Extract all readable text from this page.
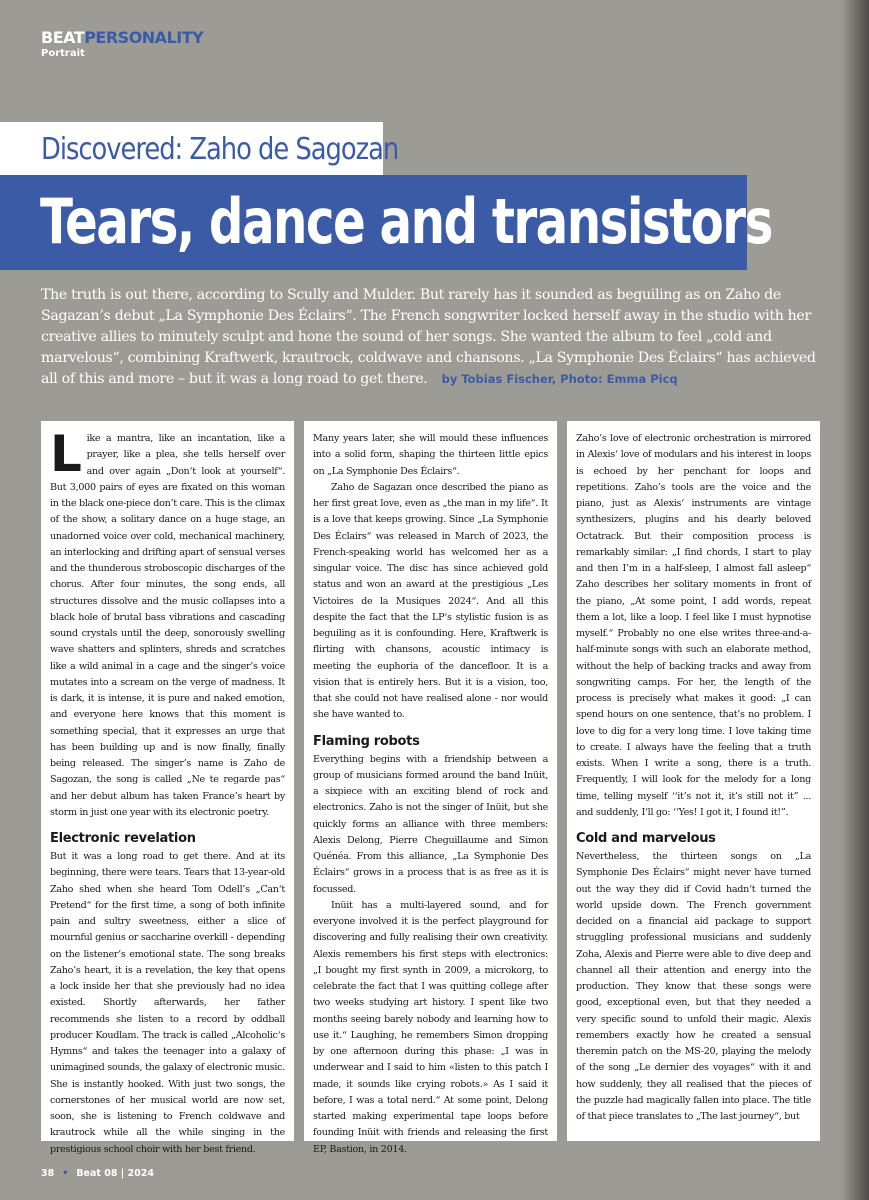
BEATPERSONALITY
Portrait
Discovered: Zaho de Sagozan
Tears, dance and transistors
The truth is out there, according to Scully and Mulder. But rarely has it sounded as beguiling as on Zaho de Sagazan’s debut „La Symphonie Des Éclairs“. The French songwriter locked herself away in the studio with her creative allies to minutely sculpt and hone the sound of her songs. She wanted the album to feel „cold and marvelous“, combining Kraftwerk, krautrock, coldwave and chansons. „La Symphonie Des Éclairs“ has achieved all of this and more – but it was a long road to get there. by Tobias Fischer, Photo: Emma Picq
L ike a mantra, like an incantation, like a prayer, like a plea, she tells herself over and over again „Don‘t look at yourself“. But 3,000 pairs of eyes are fixated on this woman in the black one-piece don’t care. This is the climax of the show, a solitary dance on a huge stage, an unadorned voice over cold, mechanical machinery, an interlocking and drifting apart of sensual verses and the thunderous stroboscopic discharges of the chorus. After four minutes, the song ends, all structures dissolve and the music collapses into a black hole of brutal bass vibrations and cascading sound crystals until the deep, sonorously swelling wave shatters and splinters, shreds and scratches like a wild animal in a cage and the singer’s voice mutates into a scream on the verge of madness. It is dark, it is intense, it is pure and naked emotion, and everyone here knows that this moment is something special, that it expresses an urge that has been building up and is now finally, finally being released. The singer’s name is Zaho de Sagozan, the song is called „Ne te regarde pas“ and her debut album has taken France’s heart by storm in just one year with its electronic poetry.

Electronic revelation

But it was a long road to get there. And at its beginning, there were tears. Tears that 13-year-old Zaho shed when she heard Tom Odell’s „Can‘t Pretend“ for the first time, a song of both infinite pain and sultry sweetness, either a slice of mournful genius or saccharine overkill - depending on the listener’s emotional state. The song breaks Zaho’s heart, it is a revelation, the key that opens a lock inside her that she previously had no idea existed. Shortly afterwards, her father recommends she listen to a record by oddball producer Koudlam. The track is called „Alcoholic‘s Hymns“ and takes the teenager into a galaxy of unimagined sounds, the galaxy of electronic music. She is instantly hooked. With just two songs, the cornerstones of her musical world are now set, soon, she is listening to French coldwave and krautrock while all the while singing in the prestigious school choir with her best friend.

Many years later, she will mould these influences into a solid form, shaping the thirteen little epics on „La Symphonie Des Éclairs“.

Zaho de Sagazan once described the piano as her first great love, even as „the man in my life“. It is a love that keeps growing. Since „La Symphonie Des Éclairs“ was released in March of 2023, the French-speaking world has welcomed her as a singular voice. The disc has since achieved gold status and won an award at the prestigious „Les Victoires de la Musiques 2024“. And all this despite the fact that the LP‘s stylistic fusion is as beguiling as it is confounding. Here, Kraftwerk is flirting with chansons, acoustic intimacy is meeting the euphoria of the dancefloor. It is a vision that is entirely hers. But it is a vision, too, that she could not have realised alone - nor would she have wanted to.

Flaming robots

Everything begins with a friendship between a group of musicians formed around the band Inüit, a sixpiece with an exciting blend of rock and electronics. Zaho is not the singer of Inüit, but she quickly forms an alliance with three members: Alexis Delong, Pierre Cheguillaume and Simon Quénéa. From this alliance, „La Symphonie Des Éclairs“ grows in a process that is as free as it is focussed.

Inüit has a multi-layered sound, and for everyone involved it is the perfect playground for discovering and fully realising their own creativity. Alexis remembers his first steps with electronics: „I bought my first synth in 2009, a microkorg, to celebrate the fact that I was quitting college after two weeks studying art history. I spent like two months seeing barely nobody and learning how to use it.“ Laughing, he remembers Simon dropping by one afternoon during this phase: „I was in underwear and I said to him «listen to this patch I made, it sounds like crying robots.» As I said it before, I was a total nerd.“ At some point, Delong started making experimental tape loops before founding Inüit with friends and releasing the first EP, Bastion, in 2014.

Zaho’s love of electronic orchestration is mirrored in Alexis‘ love of modulars and his interest in loops is echoed by her penchant for loops and repetitions. Zaho’s tools are the voice and the piano, just as Alexis‘ instruments are vintage synthesizers, plugins and his dearly beloved Octatrack. But their composition process is remarkably similar: „I find chords, I start to play and then I’m in a half-sleep, I almost fall asleep“ Zaho describes her solitary moments in front of the piano, „At some point, I add words, repeat them a lot, like a loop. I feel like I must hypnotise myself.“ Probably no one else writes three-and-a-half-minute songs with such an elaborate method, without the help of backing tracks and away from songwriting camps. For her, the length of the process is precisely what makes it good: „I can spend hours on one sentence, that’s no problem. I love to dig for a very long time. I love taking time to create. I always have the feeling that a truth exists. When I write a song, there is a truth. Frequently, I will look for the melody for a long time, telling myself ‘‘it’s not it, it’s still not it” ... and suddenly, I‘ll go: ‘‘Yes! I got it, I found it!”.

Cold and marvelous

Nevertheless, the thirteen songs on „La Symphonie Des Éclairs“ might never have turned out the way they did if Covid hadn‘t turned the world upside down. The French government decided on a financial aid package to support struggling professional musicians and suddenly Zoha, Alexis and Pierre were able to dive deep and channel all their attention and energy into the production. They know that these songs were good, exceptional even, but that they needed a very specific sound to unfold their magic. Alexis remembers exactly how he created a sensual theremin patch on the MS-20, playing the melody of the song „Le dernier des voyages“ with it and how suddenly, they all realised that the pieces of the puzzle had magically fallen into place. The title of that piece translates to „The last journey“, but

38 • Beat 08 | 2024
